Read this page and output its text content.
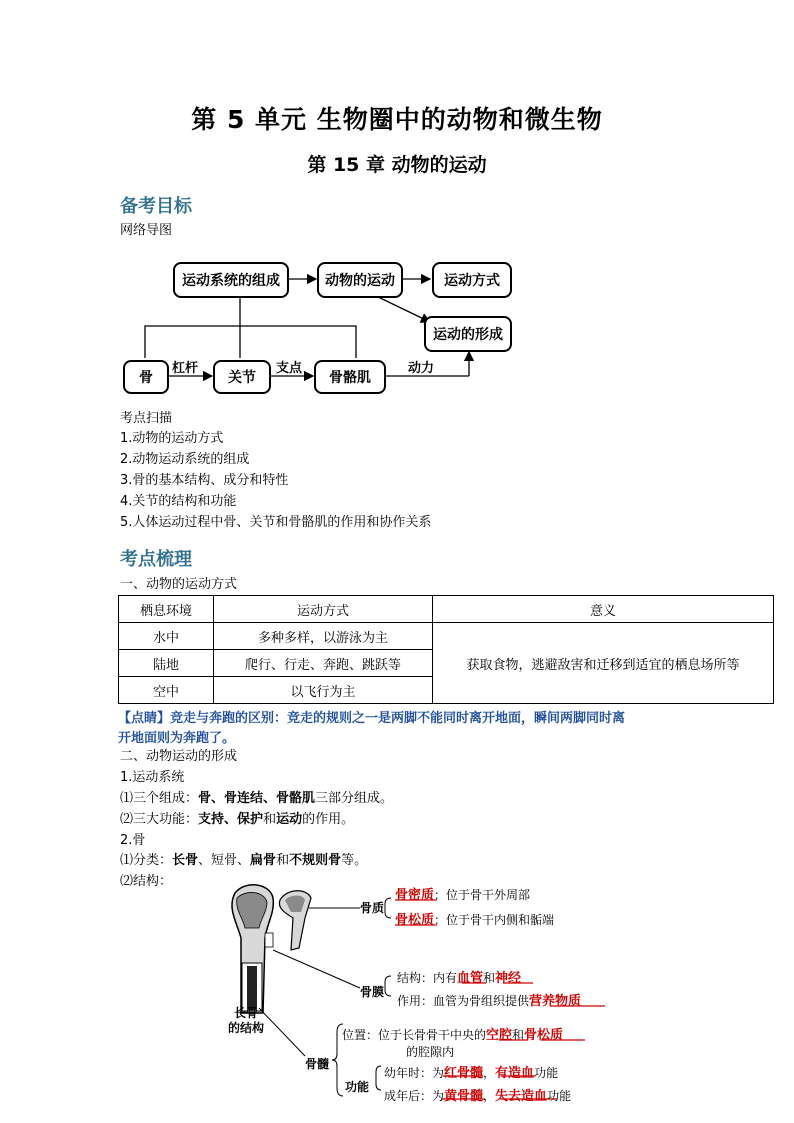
第 5 单元 生物圈中的动物和微生物
第 15 章 动物的运动
备考目标
网络导图
运动系统的组成	动物的运动	运动方式
运动的形成
骨	关节	骨骼肌
杠杆	支点	动力
考点扫描
1.动物的运动方式
2.动物运动系统的组成
3.骨的基本结构、成分和特性
4.关节的结构和功能
5.人体运动过程中骨、关节和骨骼肌的作用和协作关系
考点梳理
一、动物的运动方式
栖息环境	运动方式	意义
水中	多种多样，以游泳为主	获取食物，逃避敌害和迁移到适宜的栖息场所等
陆地	爬行、行走、奔跑、跳跃等	
空中	以飞行为主	
【点睛】竞走与奔跑的区别：竞走的规则之一是两脚不能同时离开地面，瞬间两脚同时离
开地面则为奔跑了。
二、动物运动的形成
1.运动系统
⑴三个组成：骨、骨连结、骨骼肌三部分组成。
⑵三大功能：支持、保护和运动的作用。
2.骨
⑴分类：长骨、短骨、扁骨和不规则骨等。
⑵结构：
长骨
的结构
骨质
骨密质：位于骨干外周部
骨松质：位于骨干内侧和骺端
骨膜
结构：内有血管和神经
作用：血管为骨组织提供营养物质
骨髓
位置：位于长骨骨干中央的空腔和骨松质
的腔隙内
功能
幼年时：为红骨髓，有造血功能
成年后：为黄骨髓，失去造血功能
